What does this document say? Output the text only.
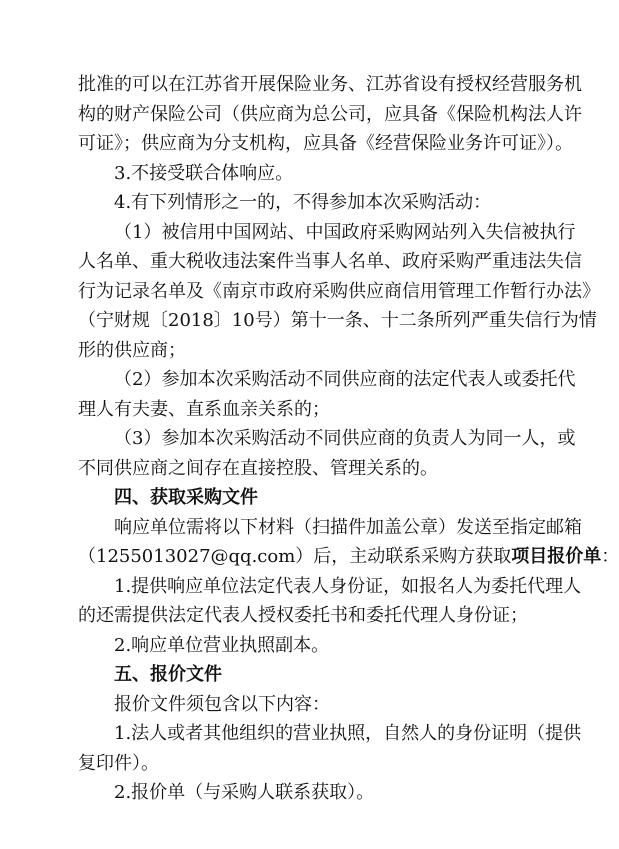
批准的可以在江苏省开展保险业务、江苏省设有授权经营服务机
构的财产保险公司（供应商为总公司，应具备《保险机构法人许
可证》；供应商为分支机构，应具备《经营保险业务许可证》）。
3.不接受联合体响应。
4.有下列情形之一的，不得参加本次采购活动：
（1）被信用中国网站、中国政府采购网站列入失信被执行
人名单、重大税收违法案件当事人名单、政府采购严重违法失信
行为记录名单及《南京市政府采购供应商信用管理工作暂行办法》
（宁财规〔2018〕10号）第十一条、十二条所列严重失信行为情
形的供应商；
（2）参加本次采购活动不同供应商的法定代表人或委托代
理人有夫妻、直系血亲关系的；
（3）参加本次采购活动不同供应商的负责人为同一人，或
不同供应商之间存在直接控股、管理关系的。
四、获取采购文件
响应单位需将以下材料（扫描件加盖公章）发送至指定邮箱
（1255013027@qq.com）后，主动联系采购方获取项目报价单：
1.提供响应单位法定代表人身份证，如报名人为委托代理人
的还需提供法定代表人授权委托书和委托代理人身份证；
2.响应单位营业执照副本。
五、报价文件
报价文件须包含以下内容：
1.法人或者其他组织的营业执照，自然人的身份证明（提供
复印件）。
2.报价单（与采购人联系获取）。
